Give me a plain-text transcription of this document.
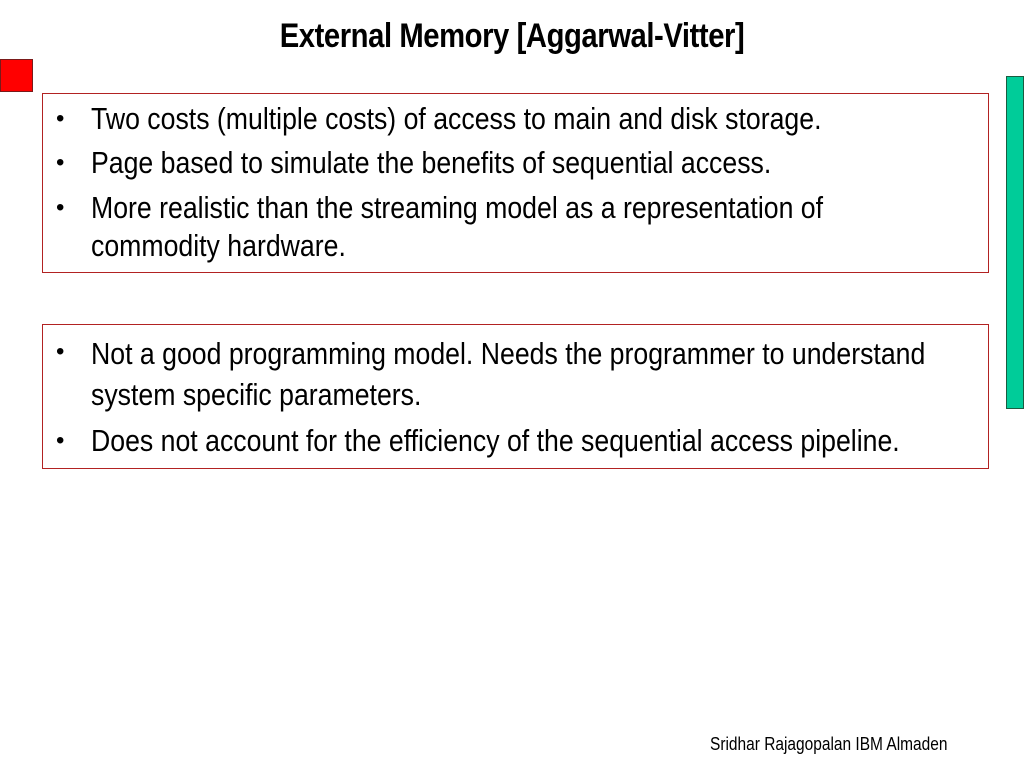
External Memory [Aggarwal-Vitter]
• Two costs (multiple costs) of access to main and disk storage.
• Page based to simulate the benefits of sequential access.
• More realistic than the streaming model as a representation of
commodity hardware.
• Not a good programming model. Needs the programmer to understand
system specific parameters.
• Does not account for the efficiency of the sequential access pipeline.
Sridhar Rajagopalan IBM Almaden
